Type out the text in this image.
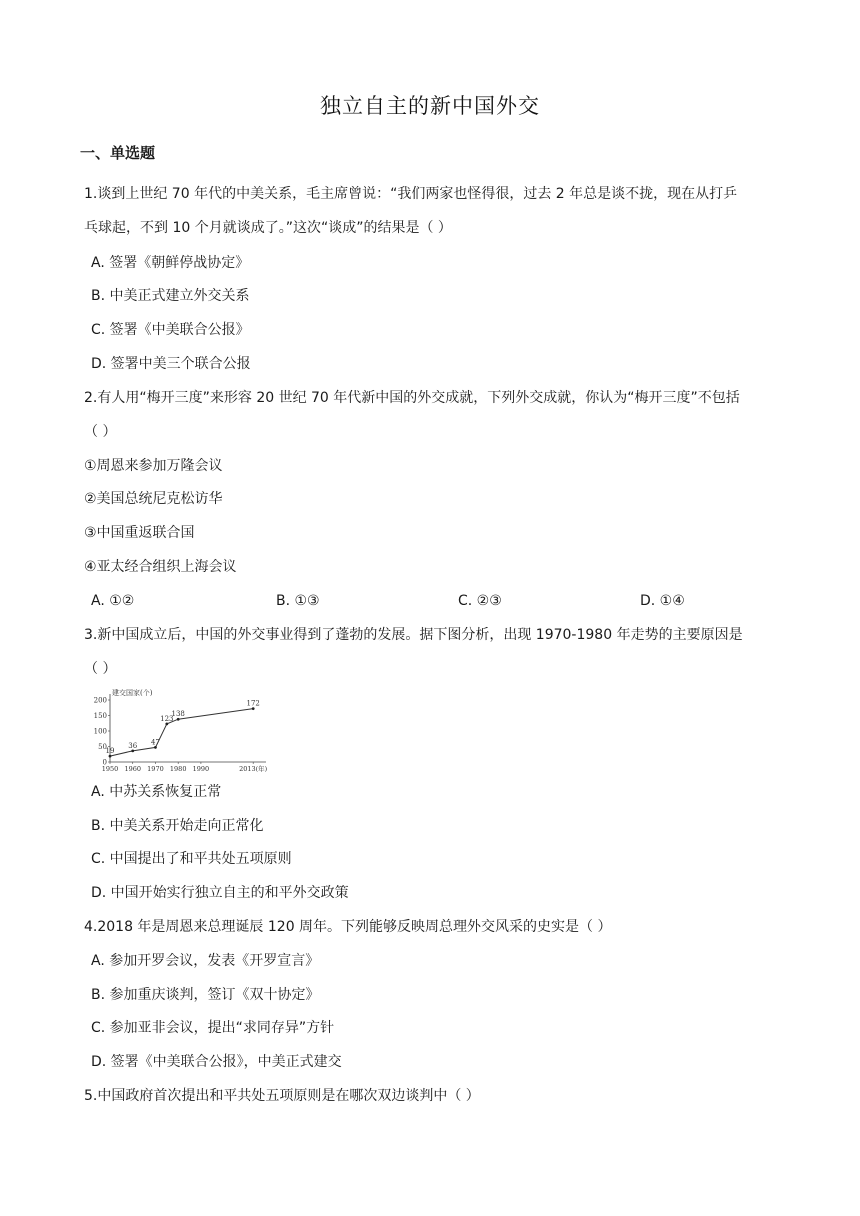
独立自主的新中国外交
一、单选题
1.谈到上世纪 70 年代的中美关系，毛主席曾说：“我们两家也怪得很，过去 2 年总是谈不拢，现在从打乒
乓球起，不到 10 个月就谈成了。”这次“谈成”的结果是（ ）
A. 签署《朝鲜停战协定》
B. 中美正式建立外交关系
C. 签署《中美联合公报》
D. 签署中美三个联合公报
2.有人用“梅开三度”来形容 20 世纪 70 年代新中国的外交成就，下列外交成就，你认为“梅开三度”不包括
（ ）
①周恩来参加万隆会议
②美国总统尼克松访华
③中国重返联合国
④亚太经合组织上海会议
A. ①②	B. ①③	C. ②③	D. ①④
3.新中国成立后，中国的外交事业得到了蓬勃的发展。据下图分析，出现 1970-1980 年走势的主要原因是
（ ）
建交国家(个)
0
50
100
150
200
1950 1960 1970 1980 1990	2013(年)
19
36 47
123
138
172
A. 中苏关系恢复正常
B. 中美关系开始走向正常化
C. 中国提出了和平共处五项原则
D. 中国开始实行独立自主的和平外交政策
4.2018 年是周恩来总理诞辰 120 周年。下列能够反映周总理外交风采的史实是（ ）
A. 参加开罗会议，发表《开罗宣言》
B. 参加重庆谈判，签订《双十协定》
C. 参加亚非会议，提出“求同存异”方针
D. 签署《中美联合公报》，中美正式建交
5.中国政府首次提出和平共处五项原则是在哪次双边谈判中（ ）
